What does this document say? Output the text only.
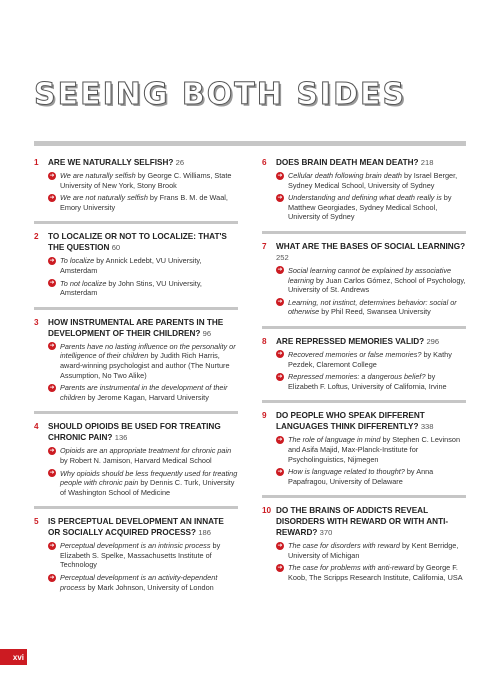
SEEING BOTH SIDES
1	ARE WE NATURALLY SELFISH? 26
➜ We are naturally selfish by George C. Williams, State University of New York, Stony Brook
➜ We are not naturally selfish by Frans B. M. de Waal, Emory University
2	TO LOCALIZE OR NOT TO LOCALIZE: THAT'S THE QUESTION 60
➜ To localize by Annick Ledebt, VU University, Amsterdam
➜ To not localize by John Stins, VU University, Amsterdam
3	HOW INSTRUMENTAL ARE PARENTS IN THE DEVELOPMENT OF THEIR CHILDREN? 96
➜ Parents have no lasting influence on the personality or intelligence of their children by Judith Rich Harris, award-winning psychologist and author (The Nurture Assumption, No Two Alike)
➜ Parents are instrumental in the development of their children by Jerome Kagan, Harvard University
4	SHOULD OPIOIDS BE USED FOR TREATING CHRONIC PAIN? 136
➜ Opioids are an appropriate treatment for chronic pain by Robert N. Jamison, Harvard Medical School
➜ Why opioids should be less frequently used for treating people with chronic pain by Dennis C. Turk, University of Washington School of Medicine
5	IS PERCEPTUAL DEVELOPMENT AN INNATE OR SOCIALLY ACQUIRED PROCESS? 186
➜ Perceptual development is an intrinsic process by Elizabeth S. Spelke, Massachusetts Institute of Technology
➜ Perceptual development is an activity-dependent process by Mark Johnson, University of London
6	DOES BRAIN DEATH MEAN DEATH? 218
➜ Cellular death following brain death by Israel Berger, Sydney Medical School, University of Sydney
➜ Understanding and defining what death really is by Matthew Georgiades, Sydney Medical School, University of Sydney
7	WHAT ARE THE BASES OF SOCIAL LEARNING? 252
➜ Social learning cannot be explained by associative learning by Juan Carlos Gómez, School of Psychology, University of St. Andrews
➜ Learning, not instinct, determines behavior: social or otherwise by Phil Reed, Swansea University
8	ARE REPRESSED MEMORIES VALID? 296
➜ Recovered memories or false memories? by Kathy Pezdek, Claremont College
➜ Repressed memories: a dangerous belief? by Elizabeth F. Loftus, University of California, Irvine
9	DO PEOPLE WHO SPEAK DIFFERENT LANGUAGES THINK DIFFERENTLY? 338
➜ The role of language in mind by Stephen C. Levinson and Asifa Majid, Max-Planck-Institute for Psycholinguistics, Nijmegen
➜ How is language related to thought? by Anna Papafragou, University of Delaware
10 DO THE BRAINS OF ADDICTS REVEAL DISORDERS WITH REWARD OR WITH ANTI-REWARD? 370
➜ The case for disorders with reward by Kent Berridge, University of Michigan
➜ The case for problems with anti-reward by George F. Koob, The Scripps Research Institute, California, USA
xvi
